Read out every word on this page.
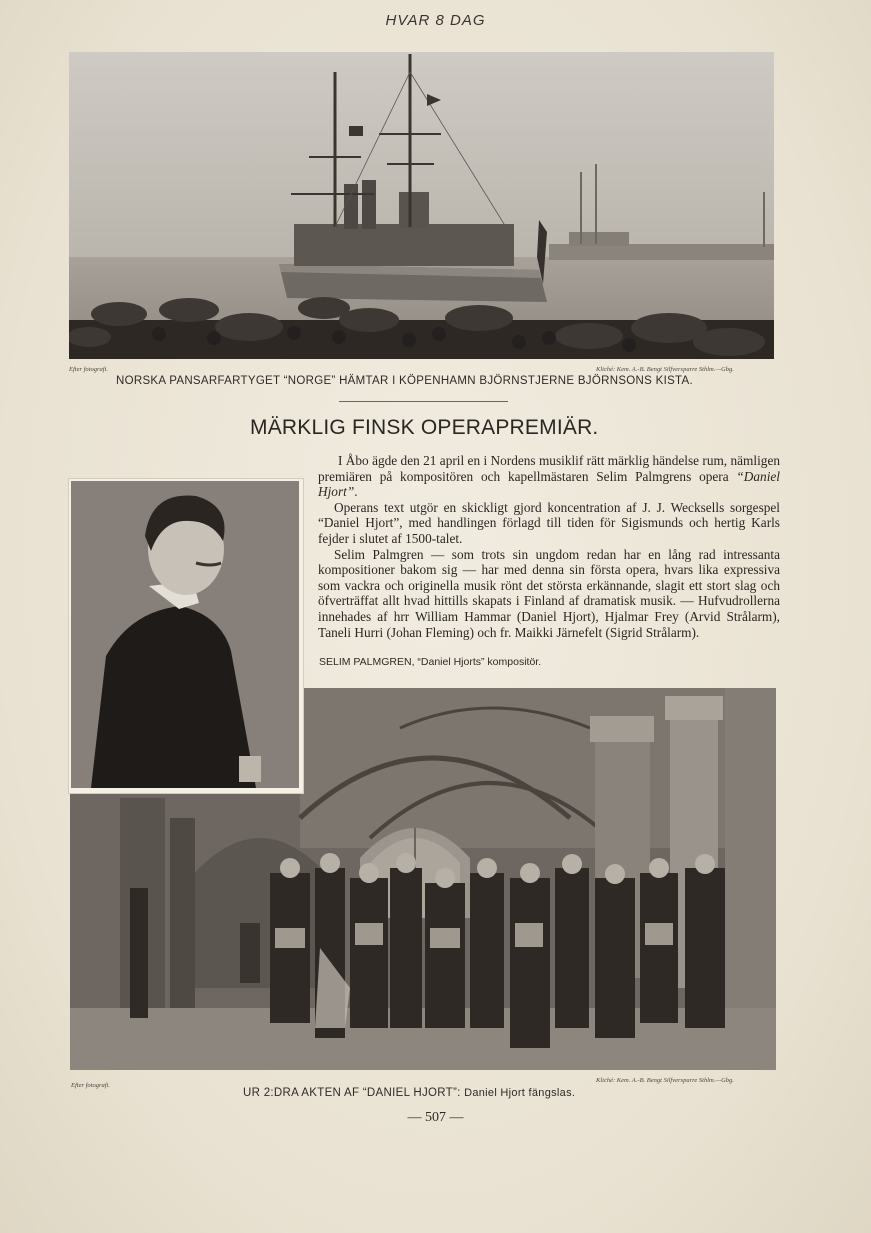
HVAR 8 DAG
Efter fotografi.	Kliché: Kem. A.-B. Bengt Silfversparre Sthlm.—Gbg.
NORSKA PANSARFARTYGET “NORGE” HÄMTAR I KÖPENHAMN BJÖRNSTJERNE BJÖRNSONS KISTA.
MÄRKLIG FINSK OPERAPREMIÄR.

I Åbo ägde den 21 april en i Nordens musiklif rätt märklig händelse rum, nämligen premiären på kompositören och kapellmästaren Selim Palmgrens opera “Daniel Hjort”.

Operans text utgör en skickligt gjord koncentration af J. J. Wecksells sorgespel “Daniel Hjort”, med handlingen förlagd till tiden för Sigismunds och hertig Karls fejder i slutet af 1500-talet.

Selim Palmgren — som trots sin ungdom redan har en lång rad intressanta kompositioner bakom sig — har med denna sin första opera, hvars lika expressiva som vackra och originella musik rönt det största erkännande, slagit ett stort slag och öfverträffat allt hvad hittills skapats i Finland af dramatisk musik. — Hufvudrollerna innehades af hrr William Hammar (Daniel Hjort), Hjalmar Frey (Arvid Strålarm), Taneli Hurri (Johan Fleming) och fr. Maikki Järnefelt (Sigrid Strålarm).

SELIM PALMGREN, “Daniel Hjorts” kompositör.
Efter fotografi.
Kliché: Kem. A.-B. Bengt Silfversparre Sthlm.—Gbg.
UR 2:DRA AKTEN AF “DANIEL HJORT”: Daniel Hjort fängslas.
— 507 —
